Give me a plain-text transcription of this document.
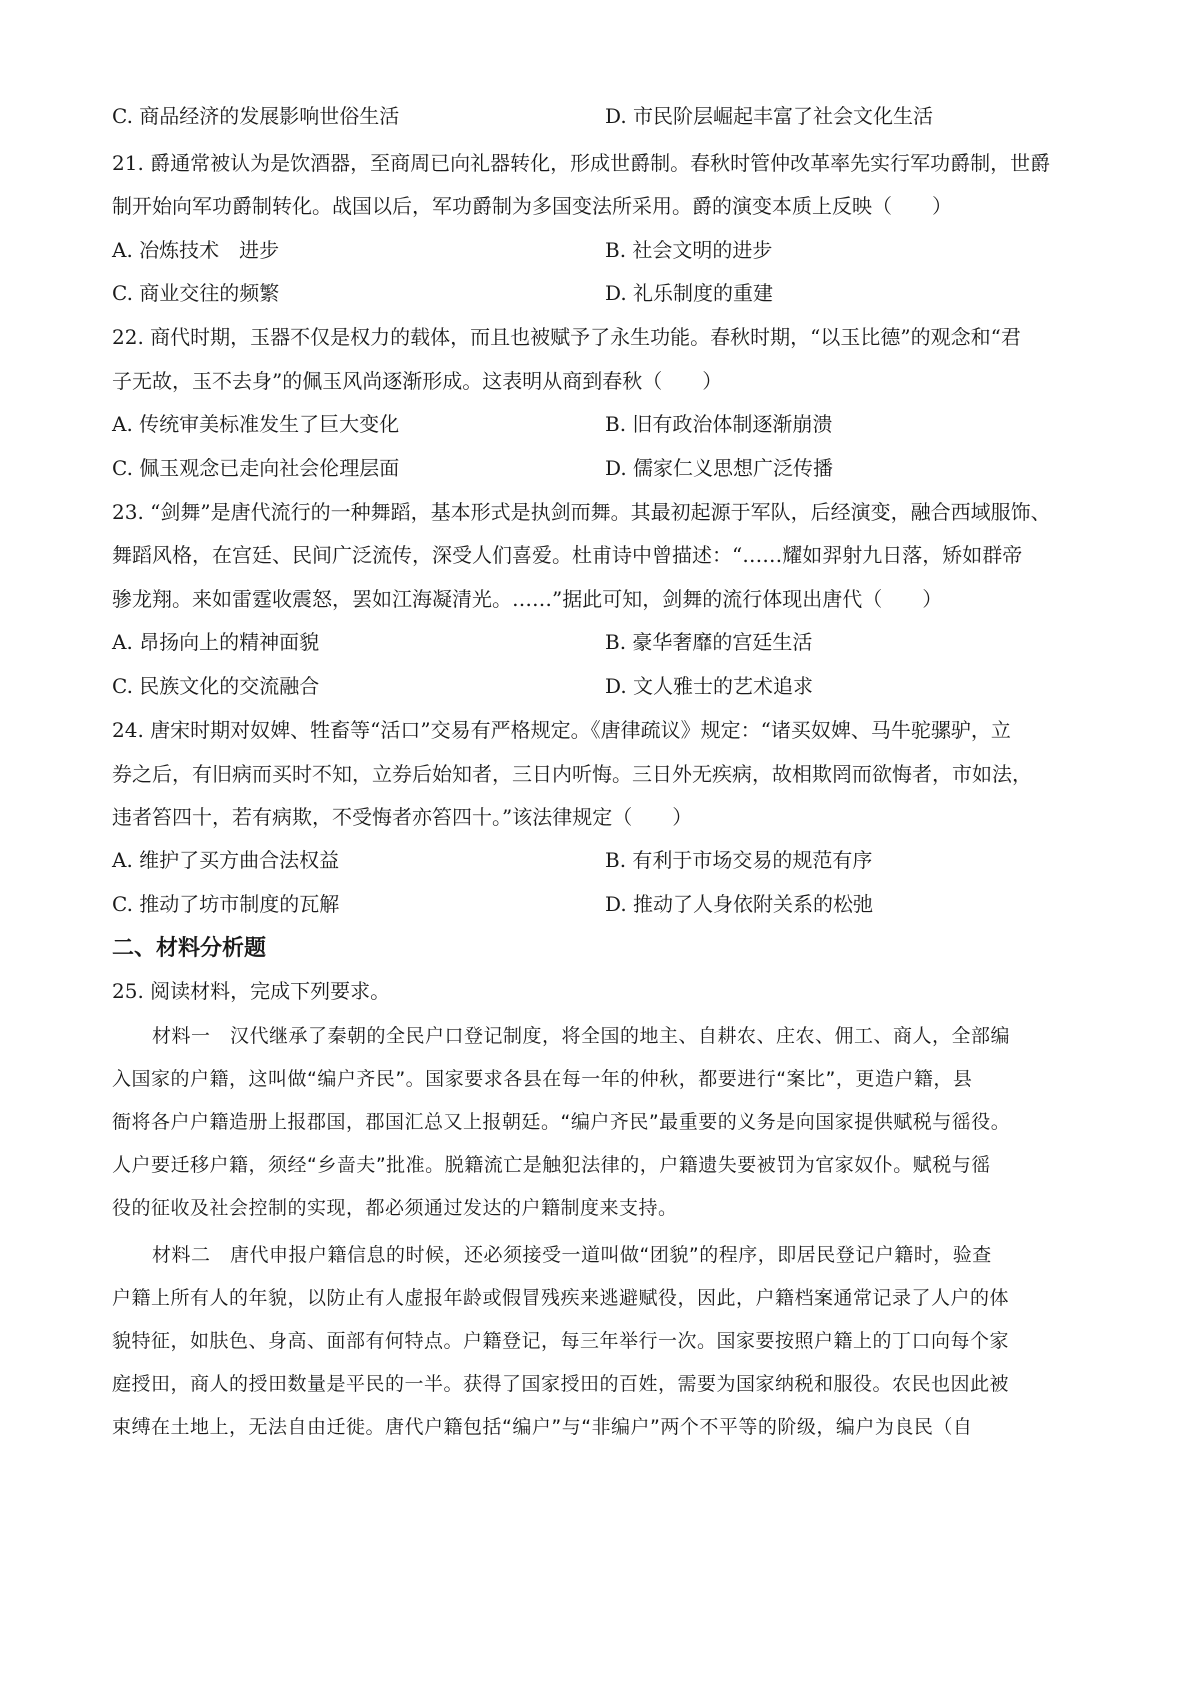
C. 商品经济的发展影响世俗生活	D. 市民阶层崛起丰富了社会文化生活
21. 爵通常被认为是饮酒器，至商周已向礼器转化，形成世爵制。春秋时管仲改革率先实行军功爵制，世爵
制开始向军功爵制转化。战国以后，军功爵制为多国变法所采用。爵的演变本质上反映（　　）
A. 冶炼技术　进步	B. 社会文明的进步
C. 商业交往的频繁	D. 礼乐制度的重建
22. 商代时期，玉器不仅是权力的载体，而且也被赋予了永生功能。春秋时期，“以玉比德”的观念和“君
子无故，玉不去身”的佩玉风尚逐渐形成。这表明从商到春秋（　　）
A. 传统审美标准发生了巨大变化	B. 旧有政治体制逐渐崩溃
C. 佩玉观念已走向社会伦理层面	D. 儒家仁义思想广泛传播
23. “剑舞”是唐代流行的一种舞蹈，基本形式是执剑而舞。其最初起源于军队，后经演变，融合西域服饰、
舞蹈风格，在宫廷、民间广泛流传，深受人们喜爱。杜甫诗中曾描述：“……耀如羿射九日落，矫如群帝
骖龙翔。来如雷霆收震怒，罢如江海凝清光。……”据此可知，剑舞的流行体现出唐代（　　）
A. 昂扬向上的精神面貌	B. 豪华奢靡的宫廷生活
C. 民族文化的交流融合	D. 文人雅士的艺术追求
24. 唐宋时期对奴婢、牲畜等“活口”交易有严格规定。《唐律疏议》规定：“诸买奴婢、马牛驼骡驴，立
券之后，有旧病而买时不知，立券后始知者，三日内听悔。三日外无疾病，故相欺罔而欲悔者，市如法，
违者笞四十，若有病欺，不受悔者亦笞四十。”该法律规定（　　）
A. 维护了买方曲合法权益	B. 有利于市场交易的规范有序
C. 推动了坊市制度的瓦解	D. 推动了人身依附关系的松弛
二、材料分析题
25. 阅读材料，完成下列要求。
材料一　汉代继承了秦朝的全民户口登记制度，将全国的地主、自耕农、庄农、佣工、商人，全部编
入国家的户籍，这叫做“编户齐民”。国家要求各县在每一年的仲秋，都要进行“案比”，更造户籍，县
衙将各户户籍造册上报郡国，郡国汇总又上报朝廷。“编户齐民”最重要的义务是向国家提供赋税与徭役。
人户要迁移户籍，须经“乡啬夫”批准。脱籍流亡是触犯法律的，户籍遗失要被罚为官家奴仆。赋税与徭
役的征收及社会控制的实现，都必须通过发达的户籍制度来支持。
材料二　唐代申报户籍信息的时候，还必须接受一道叫做“团貌”的程序，即居民登记户籍时，验查
户籍上所有人的年貌，以防止有人虚报年龄或假冒残疾来逃避赋役，因此，户籍档案通常记录了人户的体
貌特征，如肤色、身高、面部有何特点。户籍登记，每三年举行一次。国家要按照户籍上的丁口向每个家
庭授田，商人的授田数量是平民的一半。获得了国家授田的百姓，需要为国家纳税和服役。农民也因此被
束缚在土地上，无法自由迁徙。唐代户籍包括“编户”与“非编户”两个不平等的阶级，编户为良民（自
